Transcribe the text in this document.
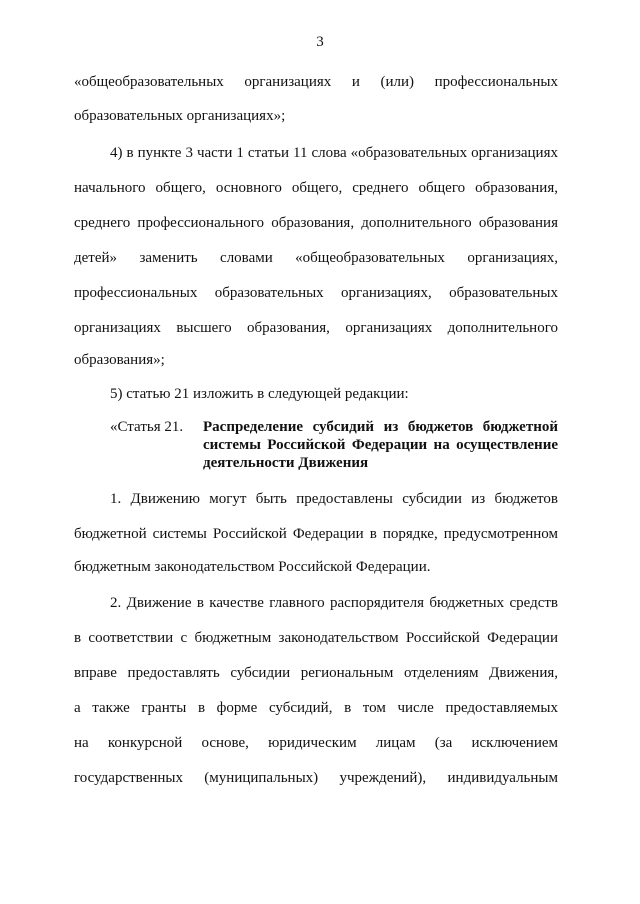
3
«общеобразовательных организациях и (или) профессиональных
образовательных организациях»;
4) в пункте 3 части 1 статьи 11 слова «образовательных организациях
начального общего, основного общего, среднего общего образования,
среднего профессионального образования, дополнительного образования
детей» заменить словами «общеобразовательных организациях,
профессиональных образовательных организациях, образовательных
организациях высшего образования, организациях дополнительного
образования»;
5) статью 21 изложить в следующей редакции:
«Статья 21.	Распределение субсидий из бюджетов бюджетной
системы Российской Федерации на осуществление
деятельности Движения
1. Движению могут быть предоставлены субсидии из бюджетов
бюджетной системы Российской Федерации в порядке, предусмотренном
бюджетным законодательством Российской Федерации.
2. Движение в качестве главного распорядителя бюджетных средств
в соответствии с бюджетным законодательством Российской Федерации
вправе предоставлять субсидии региональным отделениям Движения,
а также гранты в форме субсидий, в том числе предоставляемых
на конкурсной основе, юридическим лицам (за исключением
государственных (муниципальных) учреждений), индивидуальным
